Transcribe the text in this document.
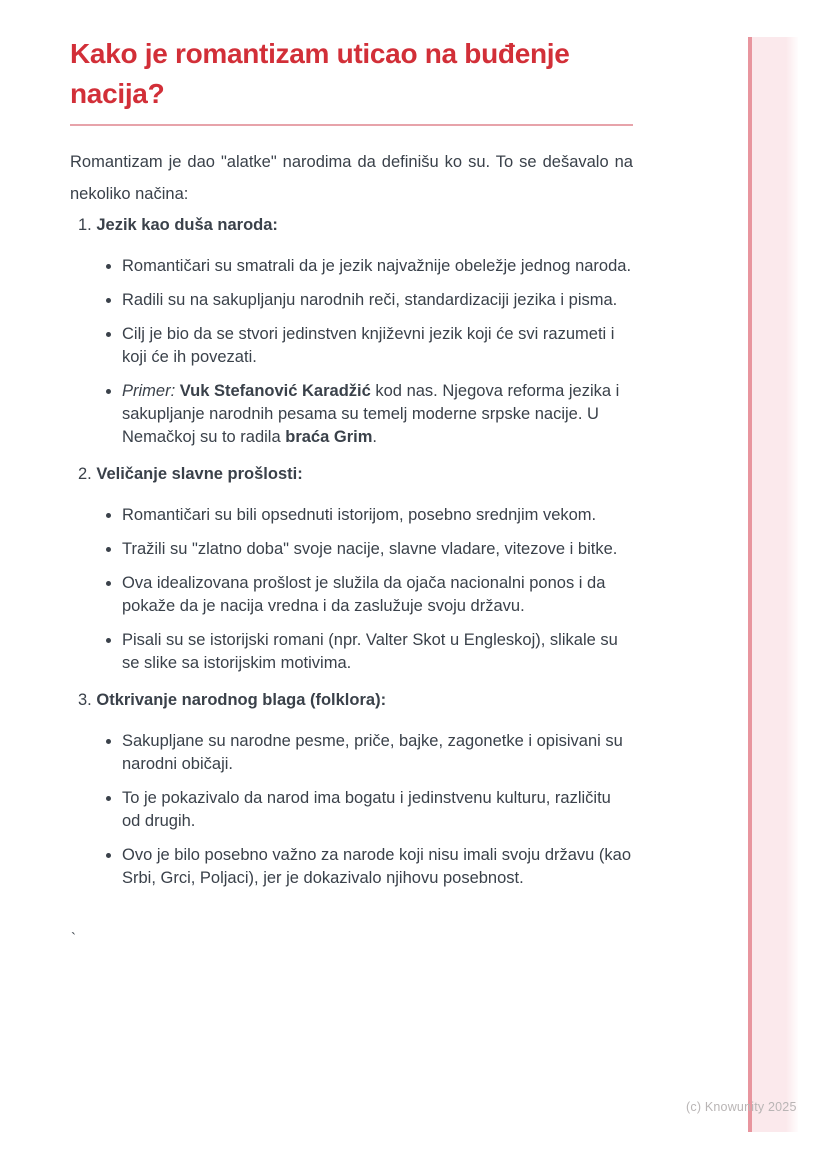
Kako je romantizam uticao na buđenje nacija?

Romantizam je dao "alatke" narodima da definišu ko su. To se dešavalo na nekoliko načina:

1. Jezik kao duša naroda:
• Romantičari su smatrali da je jezik najvažnije obeležje jednog naroda.
• Radili su na sakupljanju narodnih reči, standardizaciji jezika i pisma.
• Cilj je bio da se stvori jedinstven književni jezik koji će svi razumeti i koji će ih povezati.
• Primer: Vuk Stefanović Karadžić kod nas. Njegova reforma jezika i sakupljanje narodnih pesama su temelj moderne srpske nacije. U Nemačkoj su to radila braća Grim.
2. Veličanje slavne prošlosti:
• Romantičari su bili opsednuti istorijom, posebno srednjim vekom.
• Tražili su "zlatno doba" svoje nacije, slavne vladare, vitezove i bitke.
• Ova idealizovana prošlost je služila da ojača nacionalni ponos i da pokaže da je nacija vredna i da zaslužuje svoju državu.
• Pisali su se istorijski romani (npr. Valter Skot u Engleskoj), slikale su se slike sa istorijskim motivima.
3. Otkrivanje narodnog blaga (folklora):
• Sakupljane su narodne pesme, priče, bajke, zagonetke i opisivani su narodni običaji.
• To je pokazivalo da narod ima bogatu i jedinstvenu kulturu, različitu od drugih.
• Ovo je bilo posebno važno za narode koji nisu imali svoju državu (kao Srbi, Grci, Poljaci), jer je dokazivalo njihovu posebnost.
`
(c) Knowunity 2025
